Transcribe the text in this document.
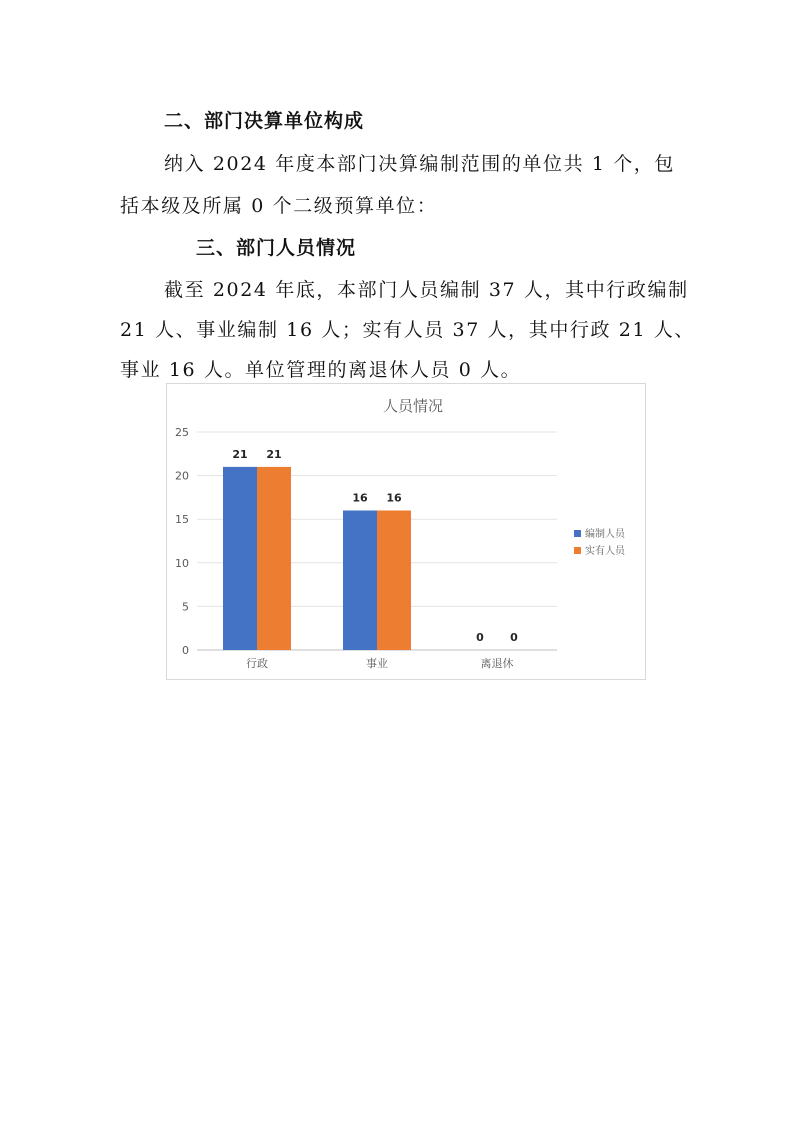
二、部门决算单位构成
纳入 2024 年度本部门决算编制范围的单位共 1 个，包
括本级及所属 0 个二级预算单位：
三、部门人员情况
截至 2024 年底，本部门人员编制 37 人，其中行政编制
21 人、事业编制 16 人；实有人员 37 人，其中行政 21 人、
事业 16 人。单位管理的离退休人员 0 人。
人员情况
0
5
10
15
20
25
21 21
行政
16 16
事业
0 0
离退休
编制人员
实有人员
